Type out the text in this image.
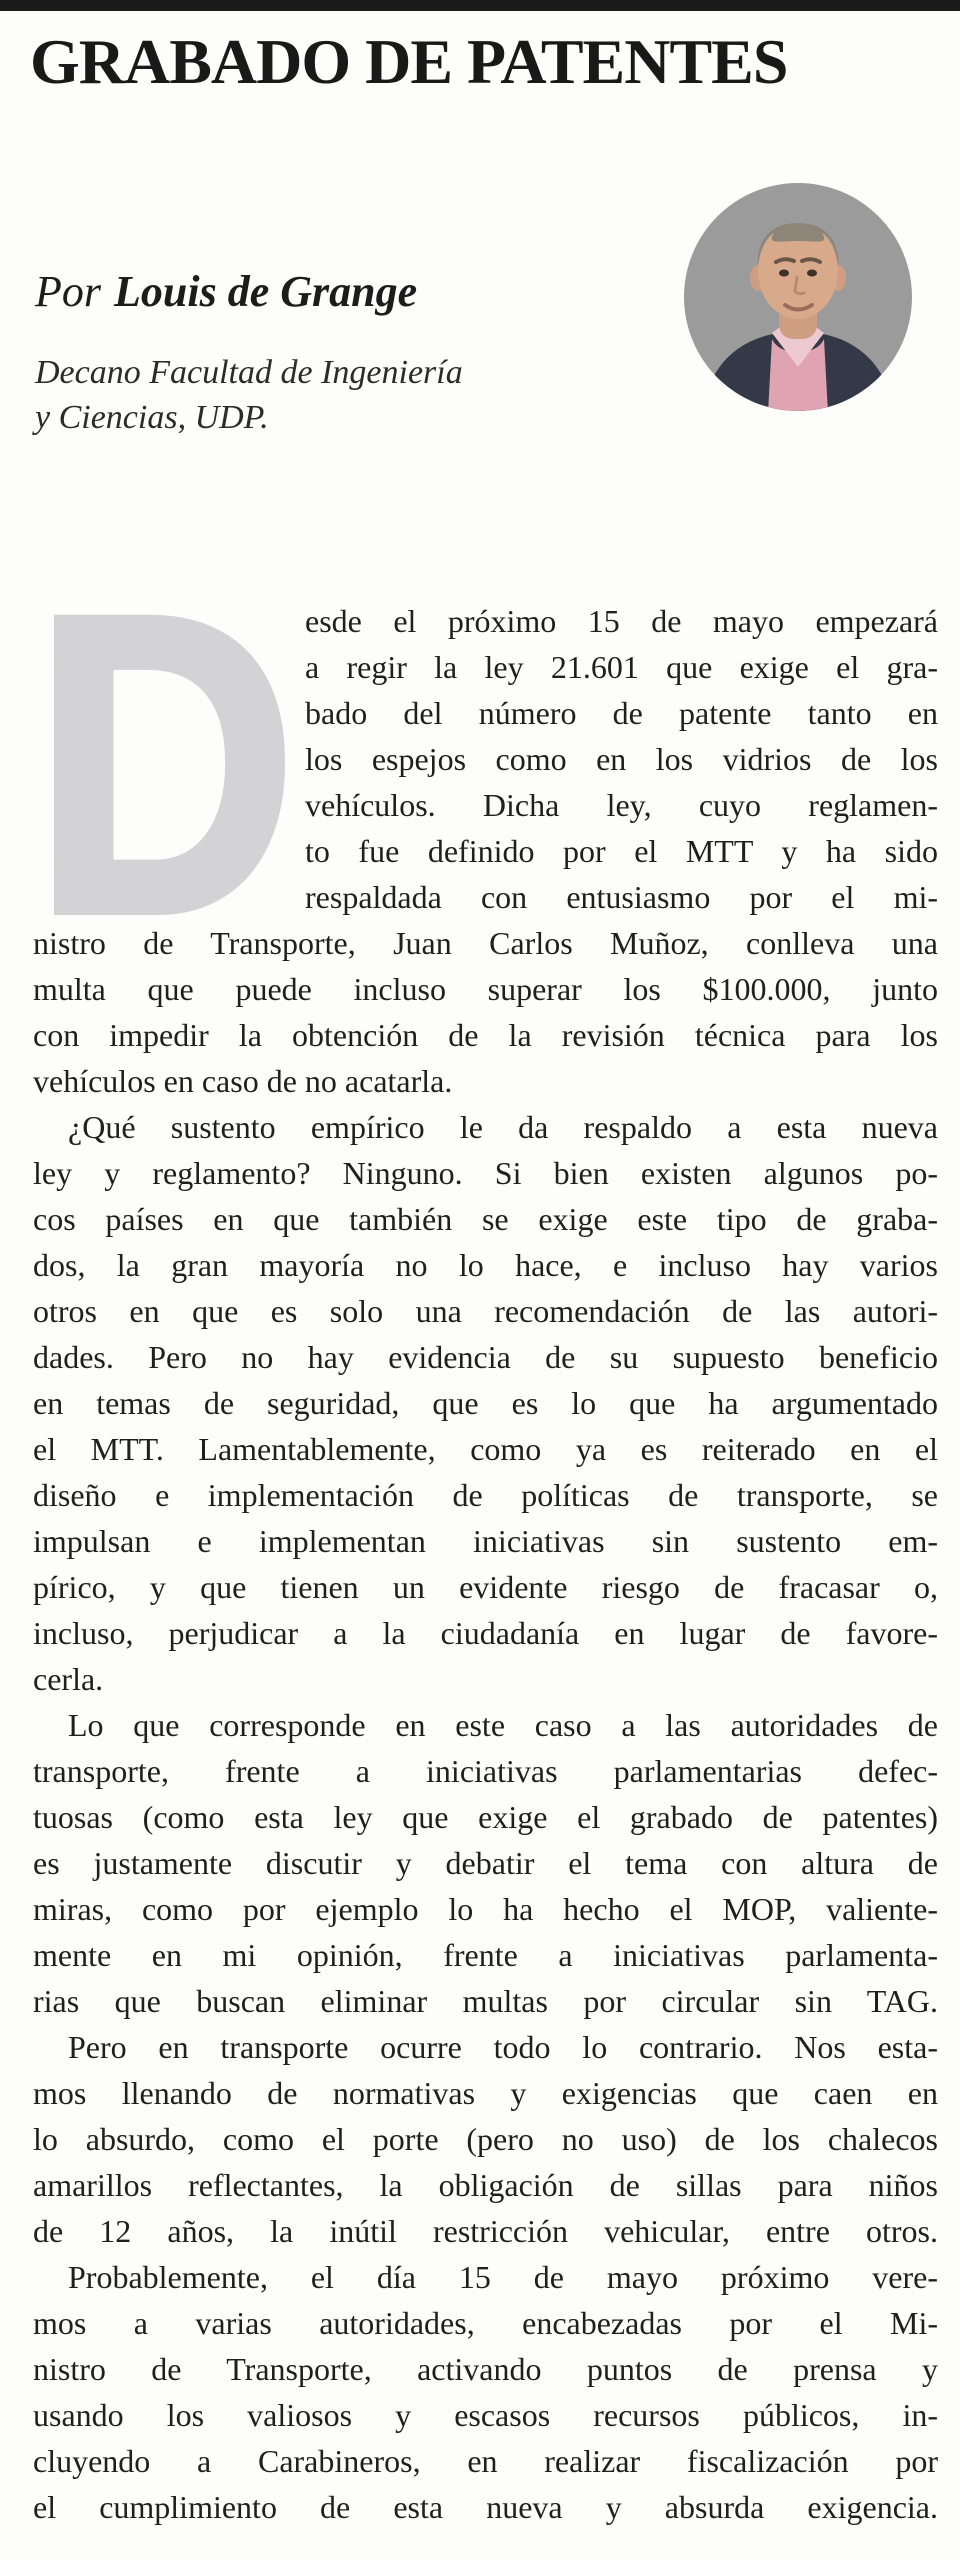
GRABADO DE PATENTES
Por Louis de Grange
Decano Facultad de Ingeniería
y Ciencias, UDP.
D esde el próximo 15 de mayo empezará
a regir la ley 21.601 que exige el gra-
bado del número de patente tanto en
los espejos como en los vidrios de los
vehículos. Dicha ley, cuyo reglamen-
to fue definido por el MTT y ha sido
respaldada con entusiasmo por el mi-
nistro de Transporte, Juan Carlos Muñoz, conlleva una
multa que puede incluso superar los $100.000, junto
con impedir la obtención de la revisión técnica para los
vehículos en caso de no acatarla.
¿Qué sustento empírico le da respaldo a esta nueva
ley y reglamento? Ninguno. Si bien existen algunos po-
cos países en que también se exige este tipo de graba-
dos, la gran mayoría no lo hace, e incluso hay varios
otros en que es solo una recomendación de las autori-
dades. Pero no hay evidencia de su supuesto beneficio
en temas de seguridad, que es lo que ha argumentado
el MTT. Lamentablemente, como ya es reiterado en el
diseño e implementación de políticas de transporte, se
impulsan e implementan iniciativas sin sustento em-
pírico, y que tienen un evidente riesgo de fracasar o,
incluso, perjudicar a la ciudadanía en lugar de favore-
cerla.
Lo que corresponde en este caso a las autoridades de
transporte, frente a iniciativas parlamentarias defec-
tuosas (como esta ley que exige el grabado de patentes)
es justamente discutir y debatir el tema con altura de
miras, como por ejemplo lo ha hecho el MOP, valiente-
mente en mi opinión, frente a iniciativas parlamenta-
rias que buscan eliminar multas por circular sin TAG.
Pero en transporte ocurre todo lo contrario. Nos esta-
mos llenando de normativas y exigencias que caen en
lo absurdo, como el porte (pero no uso) de los chalecos
amarillos reflectantes, la obligación de sillas para niños
de 12 años, la inútil restricción vehicular, entre otros.
Probablemente, el día 15 de mayo próximo vere-
mos a varias autoridades, encabezadas por el Mi-
nistro de Transporte, activando puntos de prensa y
usando los valiosos y escasos recursos públicos, in-
cluyendo a Carabineros, en realizar fiscalización por
el cumplimiento de esta nueva y absurda exigencia.
